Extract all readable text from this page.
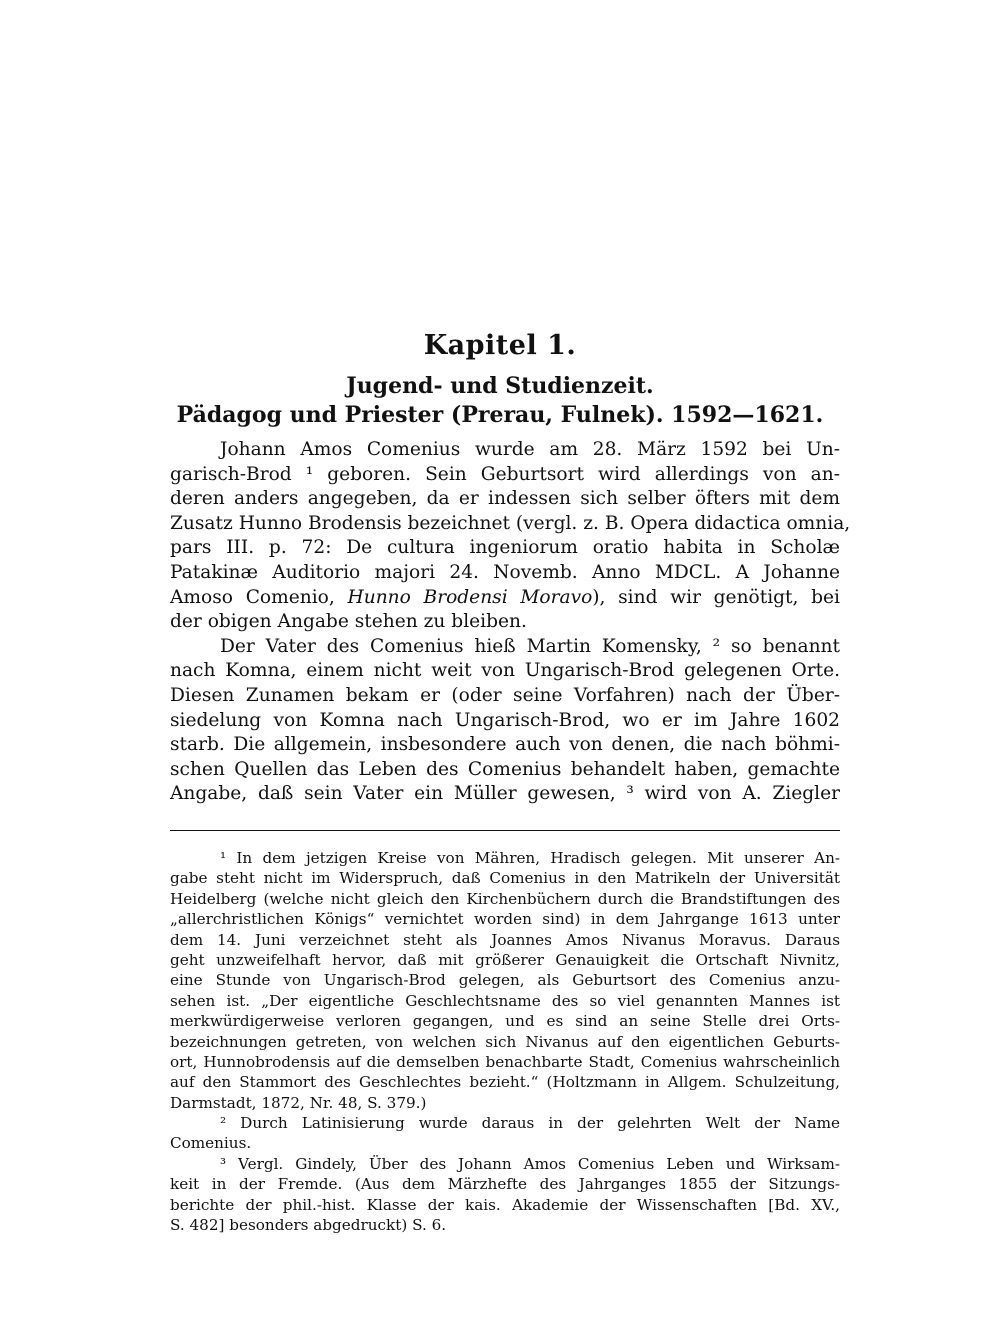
Kapitel 1.
Jugend- und Studienzeit.
Pädagog und Priester (Prerau, Fulnek). 1592—1621.
Johann Amos Comenius wurde am 28. März 1592 bei Un-
garisch-Brod ¹ geboren. Sein Geburtsort wird allerdings von an-
deren anders angegeben, da er indessen sich selber öfters mit dem
Zusatz Hunno Brodensis bezeichnet (vergl. z. B. Opera didactica omnia,
pars III. p. 72: De cultura ingeniorum oratio habita in Scholæ
Patakinæ Auditorio majori 24. Novemb. Anno MDCL. A Johanne
Amoso Comenio, Hunno Brodensi Moravo), sind wir genötigt, bei
der obigen Angabe stehen zu bleiben.
Der Vater des Comenius hieß Martin Komensky, ² so benannt
nach Komna, einem nicht weit von Ungarisch-Brod gelegenen Orte.
Diesen Zunamen bekam er (oder seine Vorfahren) nach der Über-
siedelung von Komna nach Ungarisch-Brod, wo er im Jahre 1602
starb. Die allgemein, insbesondere auch von denen, die nach böhmi-
schen Quellen das Leben des Comenius behandelt haben, gemachte
Angabe, daß sein Vater ein Müller gewesen, ³ wird von A. Ziegler
¹ In dem jetzigen Kreise von Mähren, Hradisch gelegen. Mit unserer An-
gabe steht nicht im Widerspruch, daß Comenius in den Matrikeln der Universität
Heidelberg (welche nicht gleich den Kirchenbüchern durch die Brandstiftungen des
„allerchristlichen Königs“ vernichtet worden sind) in dem Jahrgange 1613 unter
dem 14. Juni verzeichnet steht als Joannes Amos Nivanus Moravus. Daraus
geht unzweifelhaft hervor, daß mit größerer Genauigkeit die Ortschaft Nivnitz,
eine Stunde von Ungarisch-Brod gelegen, als Geburtsort des Comenius anzu-
sehen ist. „Der eigentliche Geschlechtsname des so viel genannten Mannes ist
merkwürdigerweise verloren gegangen, und es sind an seine Stelle drei Orts-
bezeichnungen getreten, von welchen sich Nivanus auf den eigentlichen Geburts-
ort, Hunnobrodensis auf die demselben benachbarte Stadt, Comenius wahrscheinlich
auf den Stammort des Geschlechtes bezieht.“ (Holtzmann in Allgem. Schulzeitung,
Darmstadt, 1872, Nr. 48, S. 379.)
² Durch Latinisierung wurde daraus in der gelehrten Welt der Name
Comenius.
³ Vergl. Gindely, Über des Johann Amos Comenius Leben und Wirksam-
keit in der Fremde. (Aus dem Märzhefte des Jahrganges 1855 der Sitzungs-
berichte der phil.-hist. Klasse der kais. Akademie der Wissenschaften [Bd. XV.,
S. 482] besonders abgedruckt) S. 6.
